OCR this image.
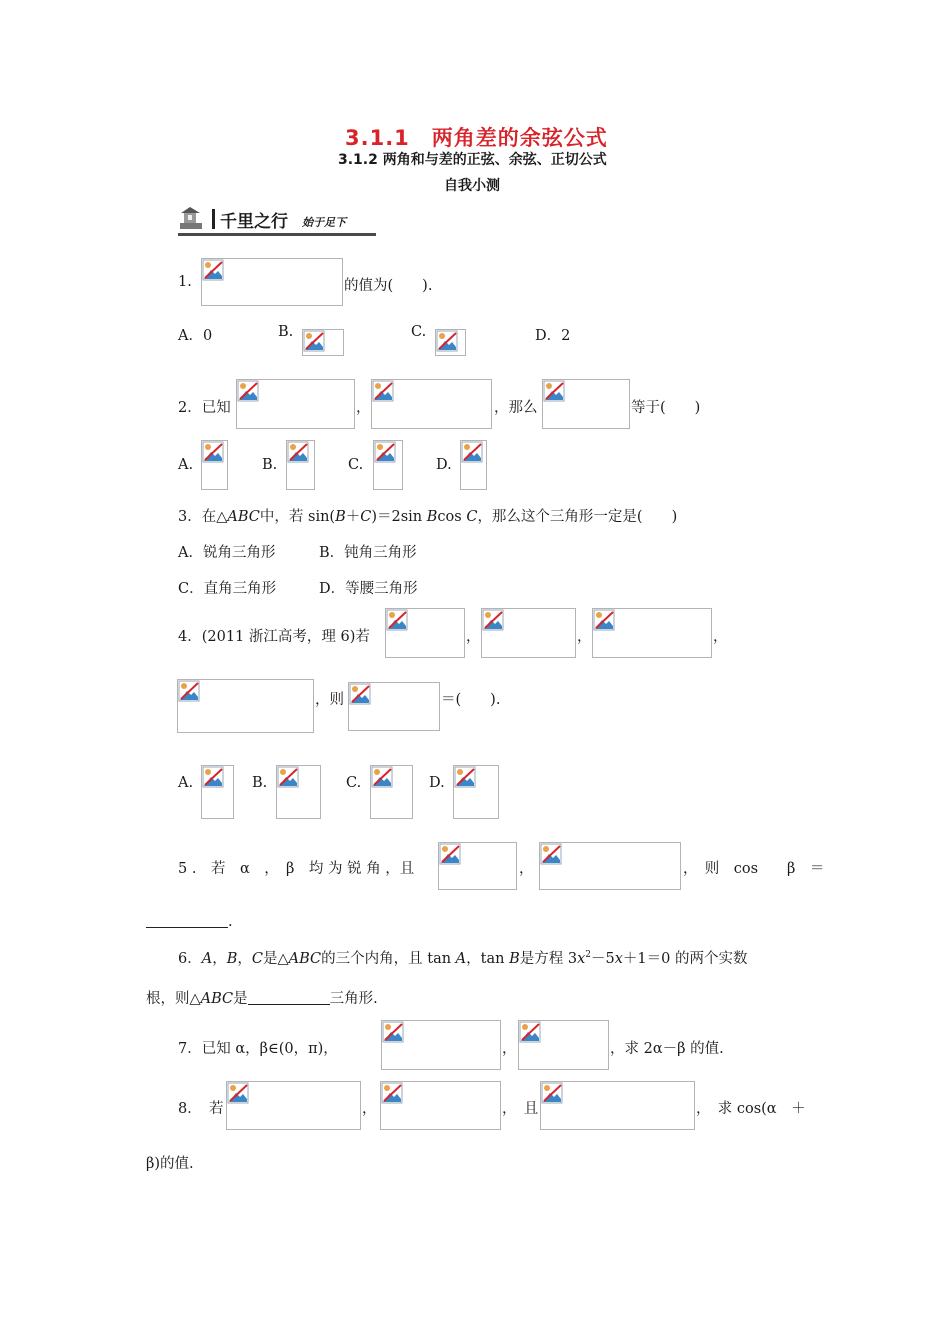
3.1.1　两角差的余弦公式
3.1.2 两角和与差的正弦、余弦、正切公式
自我小测
千里之行 始于足下
1.	的值为(　　).
A．0	B.	C.	D．2
2．已知	，	，那么	等于(　　)
A.	B.	C.	D.
3．在△ABC中，若 sin(B＋C)＝2sin Bcos C，那么这个三角形一定是(　　)
A．锐角三角形	B．钝角三角形
C．直角三角形	D．等腰三角形
4．(2011 浙江高考，理 6)若	，	，	，
，则	＝(　　).
A.	B.	C.	D.
5 .　若　α　，　β　均 为 锐 角 ，且	，	，　则　cos　　β　＝
.
6．A，B，C是△ABC的三个内角，且 tan A，tan B是方程 $3x^2-5x+1=0$ 的两个实数
根，则△ABC是	三角形.
7．已知 α，β∈(0，π)，	，	，求 2α－β 的值.
8．　若	，	，　且	，　求 cos(α　＋
β)的值.
